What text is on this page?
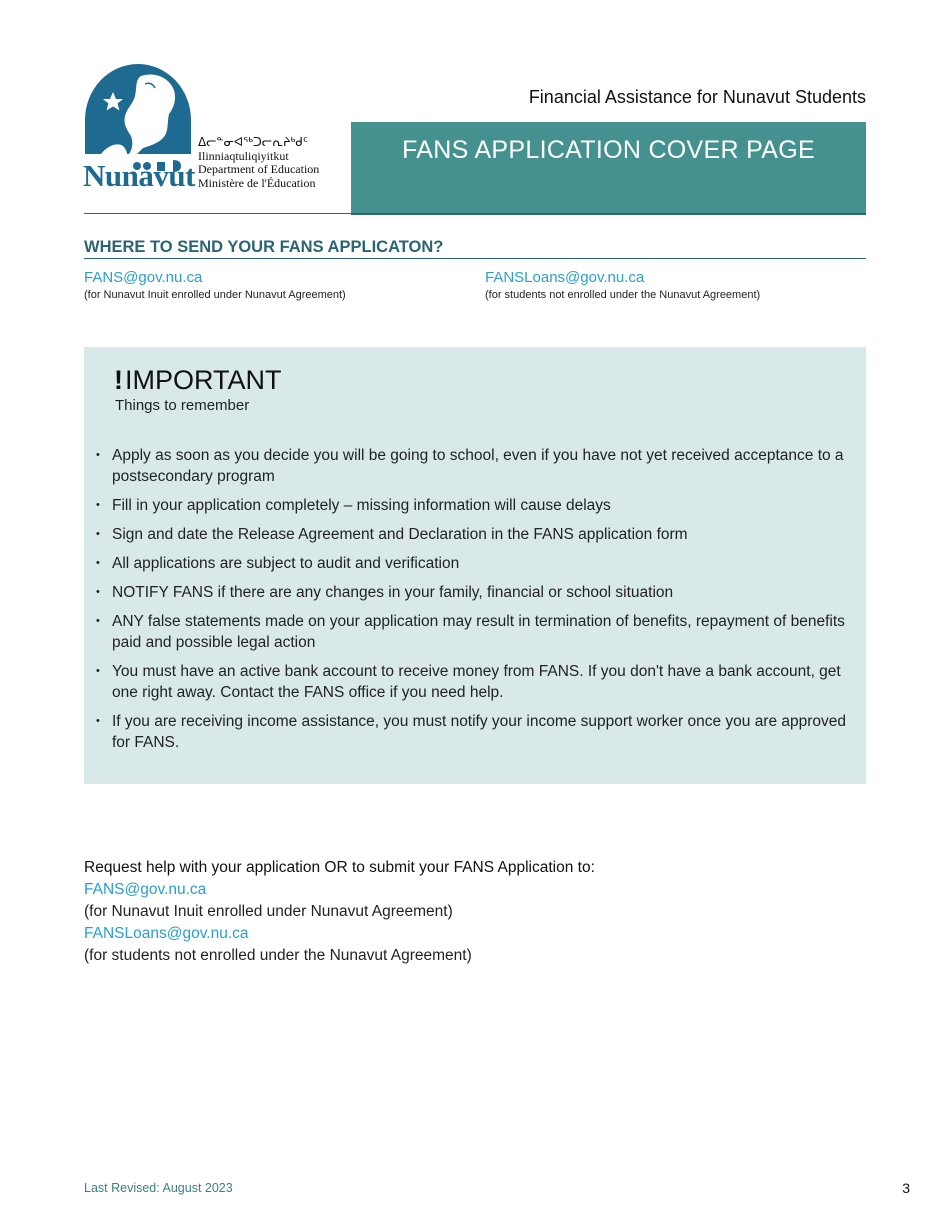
Nunavut
ᐃᓕᓐᓂᐊᖅᑐᓕᕆᔨᒃᑯᑦ
Ilinniaqtuliqiyitkut
Department of Education
Ministère de l'Éducation
Financial Assistance for Nunavut Students
FANS APPLICATION COVER PAGE
WHERE TO SEND YOUR FANS APPLICATON?
FANS@gov.nu.ca
(for Nunavut Inuit enrolled under Nunavut Agreement)
FANSLoans@gov.nu.ca
(for students not enrolled under the Nunavut Agreement)
!IMPORTANT
Things to remember
• Apply as soon as you decide you will be going to school, even if you have not yet received acceptance to a postsecondary program
• Fill in your application completely – missing information will cause delays
• Sign and date the Release Agreement and Declaration in the FANS application form
• All applications are subject to audit and verification
• NOTIFY FANS if there are any changes in your family, financial or school situation
• ANY false statements made on your application may result in termination of benefits, repayment of benefits paid and possible legal action
• You must have an active bank account to receive money from FANS. If you don't have a bank account, get one right away. Contact the FANS office if you need help.
• If you are receiving income assistance, you must notify your income support worker once you are approved for FANS.
Request help with your application OR to submit your FANS Application to:
FANS@gov.nu.ca
(for Nunavut Inuit enrolled under Nunavut Agreement)
FANSLoans@gov.nu.ca
(for students not enrolled under the Nunavut Agreement)
Last Revised: August 2023	3
